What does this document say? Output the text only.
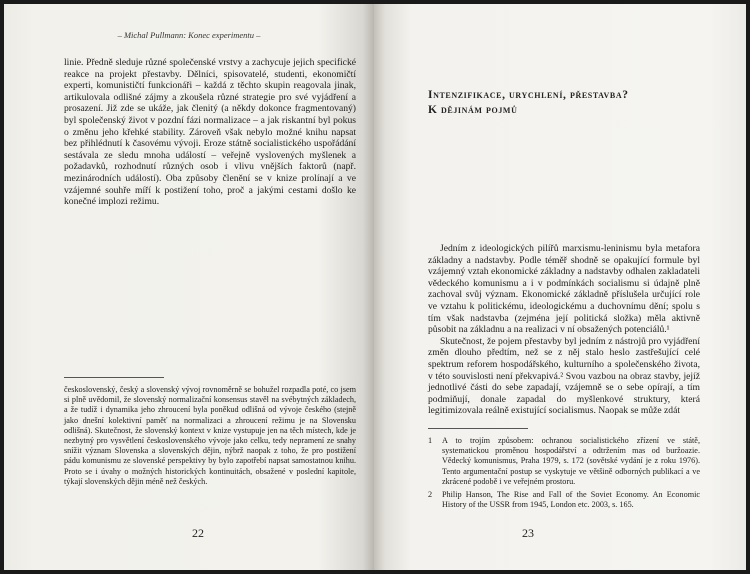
– Michal Pullmann: Konec experimentu –

linie. Předně sleduje různé společenské vrstvy a zachycuje jejich specifické reakce na projekt přestavby. Dělníci, spisovatelé, studenti, ekonomičtí experti, komunističtí funkcionáři – každá z těchto skupin reagovala jinak, artikulovala odlišné zájmy a zkoušela různé strategie pro své vyjádření a prosazení. Již zde se ukáže, jak členitý (a někdy dokonce fragmentovaný) byl společenský život v pozdní fázi normalizace – a jak riskantní byl pokus o změnu jeho křehké stability. Zároveň však nebylo možné knihu napsat bez přihlédnutí k časovému vývoji. Eroze státně socialistického uspořádání sestávala ze sledu mnoha událostí – veřejně vyslovených myšlenek a požadavků, rozhodnutí různých osob i vlivu vnějších faktorů (např. mezinárodních událostí). Oba způsoby členění se v knize prolínají a ve vzájemné souhře míří k postižení toho, proč a jakými cestami došlo ke konečné implozi režimu.

československý, český a slovenský vývoj rovnoměrně se bohužel rozpadla poté, co jsem si plně uvědomil, že slovenský normalizační konsensus stavěl na svébytných základech, a že tudíž i dynamika jeho zhroucení byla poněkud odlišná od vývoje českého (stejně jako dnešní kolektivní paměť na normalizaci a zhroucení režimu je na Slovensku odlišná). Skutečnost, že slovenský kontext v knize vystupuje jen na těch místech, kde je nezbytný pro vysvětlení československého vývoje jako celku, tedy nepramení ze snahy snížit význam Slovenska a slovenských dějin, nýbrž naopak z toho, že pro postižení pádu komunismu ze slovenské perspektivy by bylo zapotřebí napsat samostatnou knihu. Proto se i úvahy o možných historických kontinuitách, obsažené v poslední kapitole, týkají slovenských dějin méně než českých.
22
Intenzifikace, urychlení, přestavba?
K dějinám pojmů

Jedním z ideologických pilířů marxismu-leninismu byla metafora základny a nadstavby. Podle téměř shodně se opakující formule byl vzájemný vztah ekonomické základny a nadstavby odhalen zakladateli vědeckého komunismu a i v podmínkách socialismu si údajně plně zachoval svůj význam. Ekonomické základně příslušela určující role ve vztahu k politickému, ideologickému a duchovnímu dění; spolu s tím však nadstavba (zejména její politická složka) měla aktivně působit na základnu a na realizaci v ní obsažených potenciálů.¹

Skutečnost, že pojem přestavby byl jedním z nástrojů pro vyjádření změn dlouho předtím, než se z něj stalo heslo zastřešující celé spektrum reforem hospodářského, kulturního a společenského života, v této souvislosti není překvapivá.² Svou vazbou na obraz stavby, jejíž jednotlivé části do sebe zapadají, vzájemně se o sebe opírají, a tím podmiňují, donale zapadal do myšlenkové struktury, která legitimizovala reálně existující socialismus. Naopak se může zdát

1	A to trojím způsobem: ochranou socialistického zřízení ve státě, systematickou proměnou hospodářství a odtržením mas od buržoazie. Vědecký komunismus, Praha 1979, s. 172 (sovětské vydání je z roku 1976). Tento argumentační postup se vyskytuje ve většině odborných publikací a ve zkrácené podobě i ve veřejném prostoru.
2	Philip Hanson, The Rise and Fall of the Soviet Economy. An Economic History of the USSR from 1945, London etc. 2003, s. 165.
23
